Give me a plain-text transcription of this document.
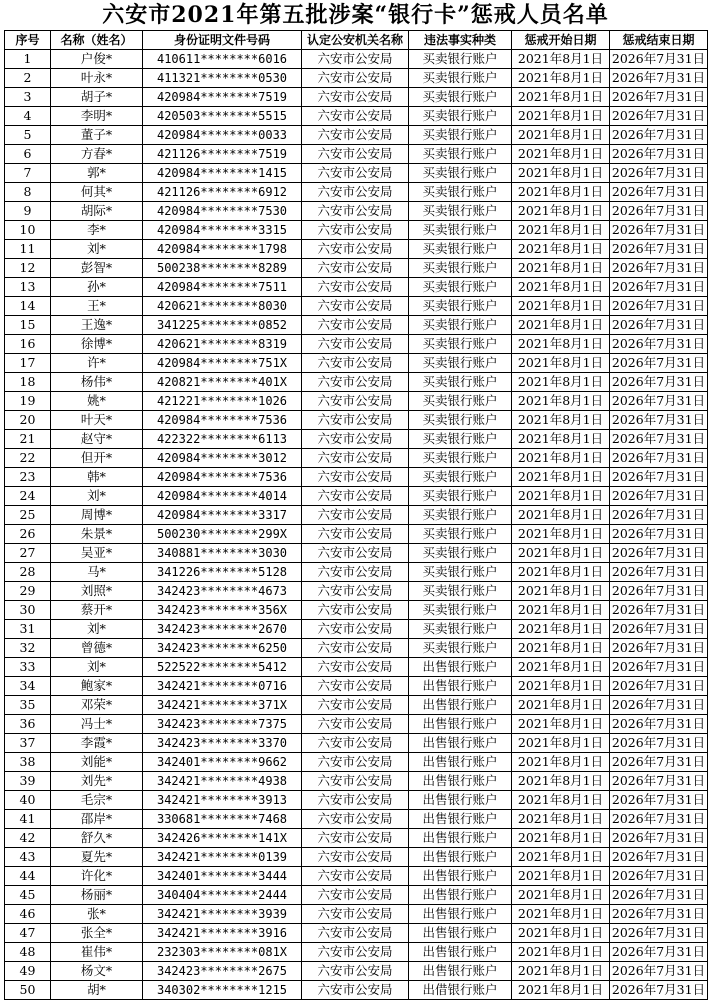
六安市2021年第五批涉案“银行卡”惩戒人员名单
序号	名称（姓名）	身份证明文件号码	认定公安机关名称	违法事实种类	惩戒开始日期	惩戒结束日期
1	户俊*	410611********6016	六安市公安局	买卖银行账户	2021年8月1日	2026年7月31日
2	叶永*	411321********0530	六安市公安局	买卖银行账户	2021年8月1日	2026年7月31日
3	胡子*	420984********7519	六安市公安局	买卖银行账户	2021年8月1日	2026年7月31日
4	李明*	420503********5515	六安市公安局	买卖银行账户	2021年8月1日	2026年7月31日
5	董子*	420984********0033	六安市公安局	买卖银行账户	2021年8月1日	2026年7月31日
6	方春*	421126********7519	六安市公安局	买卖银行账户	2021年8月1日	2026年7月31日
7	郭*	420984********1415	六安市公安局	买卖银行账户	2021年8月1日	2026年7月31日
8	何其*	421126********6912	六安市公安局	买卖银行账户	2021年8月1日	2026年7月31日
9	胡际*	420984********7530	六安市公安局	买卖银行账户	2021年8月1日	2026年7月31日
10	李*	420984********3315	六安市公安局	买卖银行账户	2021年8月1日	2026年7月31日
11	刘*	420984********1798	六安市公安局	买卖银行账户	2021年8月1日	2026年7月31日
12	彭智*	500238********8289	六安市公安局	买卖银行账户	2021年8月1日	2026年7月31日
13	孙*	420984********7511	六安市公安局	买卖银行账户	2021年8月1日	2026年7月31日
14	王*	420621********8030	六安市公安局	买卖银行账户	2021年8月1日	2026年7月31日
15	王逸*	341225********0852	六安市公安局	买卖银行账户	2021年8月1日	2026年7月31日
16	徐博*	420621********8319	六安市公安局	买卖银行账户	2021年8月1日	2026年7月31日
17	许*	420984********751X	六安市公安局	买卖银行账户	2021年8月1日	2026年7月31日
18	杨伟*	420821********401X	六安市公安局	买卖银行账户	2021年8月1日	2026年7月31日
19	姚*	421221********1026	六安市公安局	买卖银行账户	2021年8月1日	2026年7月31日
20	叶天*	420984********7536	六安市公安局	买卖银行账户	2021年8月1日	2026年7月31日
21	赵守*	422322********6113	六安市公安局	买卖银行账户	2021年8月1日	2026年7月31日
22	但开*	420984********3012	六安市公安局	买卖银行账户	2021年8月1日	2026年7月31日
23	韩*	420984********7536	六安市公安局	买卖银行账户	2021年8月1日	2026年7月31日
24	刘*	420984********4014	六安市公安局	买卖银行账户	2021年8月1日	2026年7月31日
25	周博*	420984********3317	六安市公安局	买卖银行账户	2021年8月1日	2026年7月31日
26	朱景*	500230********299X	六安市公安局	买卖银行账户	2021年8月1日	2026年7月31日
27	吴亚*	340881********3030	六安市公安局	买卖银行账户	2021年8月1日	2026年7月31日
28	马*	341226********5128	六安市公安局	买卖银行账户	2021年8月1日	2026年7月31日
29	刘照*	342423********4673	六安市公安局	买卖银行账户	2021年8月1日	2026年7月31日
30	蔡开*	342423********356X	六安市公安局	买卖银行账户	2021年8月1日	2026年7月31日
31	刘*	342423********2670	六安市公安局	买卖银行账户	2021年8月1日	2026年7月31日
32	曾德*	342423********6250	六安市公安局	买卖银行账户	2021年8月1日	2026年7月31日
33	刘*	522522********5412	六安市公安局	出售银行账户	2021年8月1日	2026年7月31日
34	鲍家*	342421********0716	六安市公安局	出售银行账户	2021年8月1日	2026年7月31日
35	邓荣*	342421********371X	六安市公安局	出售银行账户	2021年8月1日	2026年7月31日
36	冯士*	342423********7375	六安市公安局	出售银行账户	2021年8月1日	2026年7月31日
37	李霞*	342423********3370	六安市公安局	出售银行账户	2021年8月1日	2026年7月31日
38	刘能*	342401********9662	六安市公安局	出售银行账户	2021年8月1日	2026年7月31日
39	刘先*	342421********4938	六安市公安局	出售银行账户	2021年8月1日	2026年7月31日
40	毛宗*	342421********3913	六安市公安局	出售银行账户	2021年8月1日	2026年7月31日
41	邵岸*	330681********7468	六安市公安局	出售银行账户	2021年8月1日	2026年7月31日
42	舒久*	342426********141X	六安市公安局	出售银行账户	2021年8月1日	2026年7月31日
43	夏先*	342421********0139	六安市公安局	出售银行账户	2021年8月1日	2026年7月31日
44	许化*	342401********3444	六安市公安局	出售银行账户	2021年8月1日	2026年7月31日
45	杨丽*	340404********2444	六安市公安局	出售银行账户	2021年8月1日	2026年7月31日
46	张*	342421********3939	六安市公安局	出售银行账户	2021年8月1日	2026年7月31日
47	张全*	342421********3916	六安市公安局	出售银行账户	2021年8月1日	2026年7月31日
48	崔伟*	232303********081X	六安市公安局	出售银行账户	2021年8月1日	2026年7月31日
49	杨文*	342423********2675	六安市公安局	出售银行账户	2021年8月1日	2026年7月31日
50	胡*	340302********1215	六安市公安局	出借银行账户	2021年8月1日	2026年7月31日
